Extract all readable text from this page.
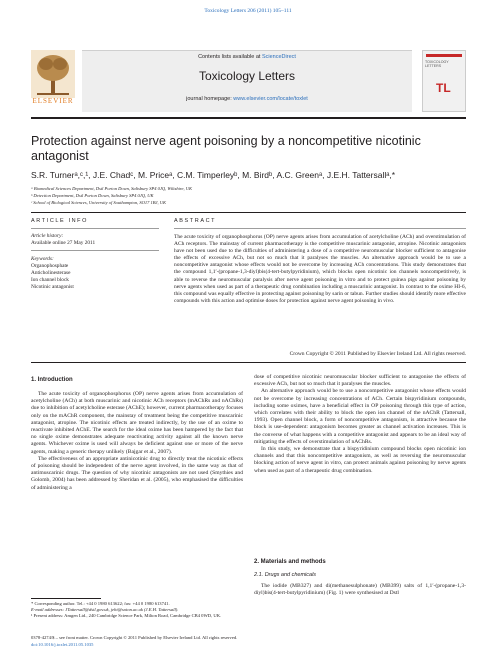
Toxicology Letters 206 (2011) 105–111
ELSEVIER
Contents lists available at ScienceDirect
Toxicology Letters
journal homepage: www.elsevier.com/locate/toxlet
TOXICOLOGY LETTERS
TL
Protection against nerve agent poisoning by a noncompetitive nicotinic antagonist
S.R. Turnerᵃ,ᶜ,¹, J.E. Chadᶜ, M. Priceᵃ, C.M. Timperleyᵇ, M. Birdᵇ, A.C. Greenᵃ, J.E.H. Tattersallᵃ,*
ᵃ Biomedical Sciences Department, Dstl Porton Down, Salisbury SP4 0JQ, Wiltshire, UK
ᵇ Detection Department, Dstl Porton Down, Salisbury SP4 0JQ, UK
ᶜ School of Biological Sciences, University of Southampton, SO17 1BJ, UK
ARTICLE INFO
Article history:
Available online 27 May 2011
Keywords:
Organophosphate
Anticholinesterase
Ion channel block
Nicotinic antagonist
ABSTRACT
The acute toxicity of organophosphorus (OP) nerve agents arises from accumulation of acetylcholine (ACh) and overstimulation of ACh receptors. The mainstay of current pharmacotherapy is the competitive muscarinic antagonist, atropine. Nicotinic antagonists have not been used due to the difficulties of administering a dose of a competitive neuromuscular blocker sufficient to antagonise the effects of excessive ACh, but not so much that it paralyses the muscles. An alternative approach would be to use a noncompetitive antagonist whose effects would not be overcome by increasing ACh concentrations. This study demonstrates that the compound 1,1′-(propane-1,3-diyl)bis(4-tert-butylpyridinium), which blocks open nicotinic ion channels noncompetitively, is able to reverse the neuromuscular paralysis after nerve agent poisoning in vitro and to protect guinea pigs against poisoning by nerve agents when used as part of a therapeutic drug combination including a muscarinic antagonist. In contrast to the oxime HI-6, this compound was equally effective in protecting against poisoning by sarin or tabun. Further studies should identify more effective compounds with this action and optimise doses for protection against nerve agent poisoning in vivo.
Crown Copyright © 2011 Published by Elsevier Ireland Ltd. All rights reserved.
1. Introduction

The acute toxicity of organophosphorus (OP) nerve agents arises from accumulation of acetylcholine (ACh) at both muscarinic and nicotinic ACh receptors (mAChRs and nAChRs) due to inhibition of acetylcholine esterase (AChE); however, current pharmacotherapy focuses only on the mAChR component, the mainstay of treatment being the competitive muscarinic antagonist, atropine. The nicotinic effects are treated indirectly, by the use of an oxime to reactivate inhibited AChE. The search for the ideal oxime has been hampered by the fact that no single oxime demonstrates adequate reactivating activity against all the known nerve agents. Whichever oxime is used will always be deficient against one or more of the nerve agents, making a generic therapy unlikely (Bajgar et al., 2007).

The effectiveness of an appropriate antinicotinic drug to directly treat the nicotinic effects of poisoning should be independent of the nerve agent involved, in the same way as that of antimuscarinic drugs. The question of why nicotinic antagonists are not used (Smythies and Golomb, 2004) has been addressed by Sheridan et al. (2005), who emphasised the difficulties of administering a

dose of competitive nicotinic neuromuscular blocker sufficient to antagonise the effects of excessive ACh, but not so much that it paralyses the muscles.

An alternative approach would be to use a noncompetitive antagonist whose effects would not be overcome by increasing concentrations of ACh. Certain bispyridinium compounds, including some oximes, have a beneficial effect in OP poisoning through this type of action, which correlates with their ability to block the open ion channel of the nAChR (Tattersall, 1993). Open channel block, a form of noncompetitive antagonism, is attractive because the block is use-dependent: antagonism becomes greater as channel activation increases. This is the converse of what happens with a competitive antagonist and appears to be an ideal way of mitigating the effects of overstimulation of nAChRs.

In this study, we demonstrate that a bispyridinium compound blocks open nicotinic ion channels and that this noncompetitive antagonism, as well as reversing the neuromuscular blocking action of nerve agent in vitro, can protect animals against poisoning by nerve agents when used as part of a therapeutic drug combination.

2. Materials and methods
2.1. Drugs and chemicals

The iodide (MB327) and di(methanesulphonate) (MB399) salts of 1,1′-(propane-1,3-diyl)bis(4-tert-butylpyridinium) (Fig. 1) were synthesised at Dstl

* Corresponding author. Tel.: +44 0 1980 613622; fax: +44 0 1980 613741.
E-mail addresses: JTattersall@dstl.gov.uk, jeht@soton.ac.uk (J.E.H. Tattersall).
¹ Present address: Amgen Ltd., 240 Cambridge Science Park, Milton Road, Cambridge CB4 0WD, UK.
0378-4274/$ – see front matter. Crown Copyright © 2011 Published by Elsevier Ireland Ltd. All rights reserved.
doi:10.1016/j.toxlet.2011.05.1035
